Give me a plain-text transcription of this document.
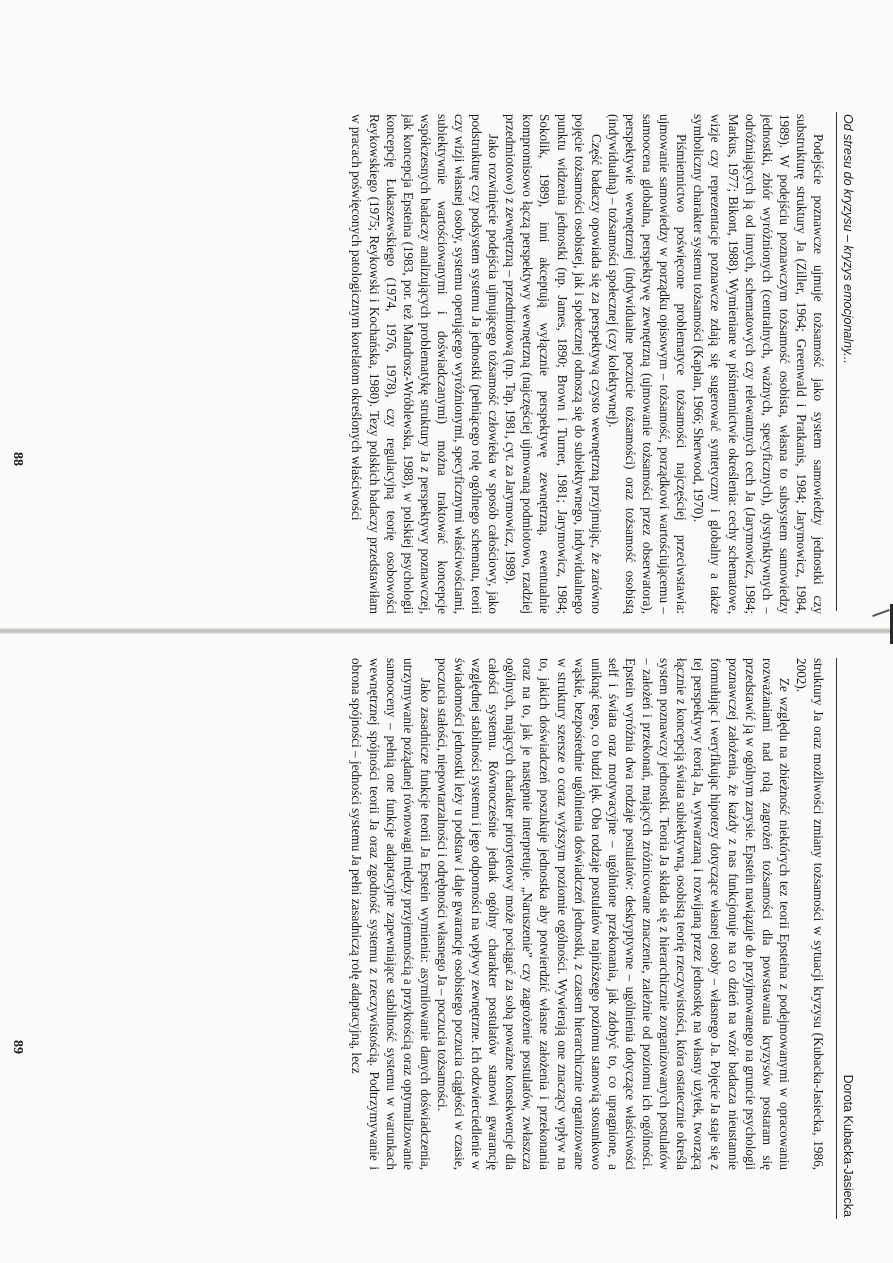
Od stresu do kryzysu – kryzys emocjonalny...

Podejście poznawcze ujmuje tożsamość jako system samowiedzy jednostki czy substrukturę struktury Ja (Ziller, 1964; Greenwald i Pratkanis, 1984; Jarymowicz, 1984, 1989). W podejściu poznawczym tożsamość osobista, własna to subsystem samowiedzy jednostki, zbiór wyróżnionych (centralnych, ważnych, specyficznych), dystynktywnych – odróżniających ją od innych, schematowych czy relewantnych cech Ja (Jarymowicz, 1984; Markus, 1977; Bikont, 1988). Wymieniane w piśmiennictwie określenia: cechy schematowe, wizje czy reprezentacje poznawcze zdają się sugerować syntetyczny i globalny a także symboliczny charakter systemu tożsamości (Kaplan, 1966; Sherwood, 1970).

Piśmiennictwo poświęcone problematyce tożsamości najczęściej przeciwstawia: ujmowanie samowiedzy w porządku opisowym – tożsamość, porządkowi wartościującemu – samoocena globalna, perspektywę zewnętrzną (ujmowanie tożsamości przez obserwatora), perspektywie wewnętrznej (indywidualne poczucie tożsamości) oraz tożsamość osobistą (indywidualną) – tożsamości społecznej (czy kolektywnej).

Część badaczy opowiada się za perspektywą czysto wewnętrzną przyjmując, że zarówno pojęcie tożsamości osobistej, jak i społecznej odnoszą się do subiektywnego, indywidualnego punktu widzenia jednostki (np. James, 1890; Brown i Turner, 1981; Jarymowicz, 1984; Sokolik, 1989), inni akceptują wyłącznie perspektywę zewnętrzną, ewentualnie kompromisowo łączą perspektywy wewnętrzną (najczęściej ujmowaną podmiotowo, rzadziej przedmiotowo) z zewnętrzną – przedmiotową (np. Tap, 1981, cyt. za Jarymowicz, 1989).

Jako rozwinięcie podejścia ujmującego tożsamość człowieka w sposób całościowy, jako podstrukturę czy podsystem systemu Ja jednostki (pełniącego rolę ogólnego schematu, teorii czy wizji własnej osoby, systemu operującego wyróżnionymi, specyficznymi właściwościami, subiektywnie wartościowanymi i doświadczanymi) można traktować koncepcje współczesnych badaczy analizujących problematykę struktury Ja z perspektywy poznawczej, jak koncepcja Epsteina (1983, por. też Mandrosz-Wróblewska, 1988), w polskiej psychologii koncepcję Łukaszewskiego (1974, 1976, 1978), czy regulacyjną teorię osobowości Reykowskiego (1975; Reykowski i Kochańska, 1980). Tezy polskich badaczy przedstawiłam w pracach poświęconych patologicznym korelatom określonych właściwości

88
Dorota Kubacka-Jasiecka

struktury Ja oraz możliwości zmiany tożsamości w sytuacji kryzysu (Kubacka-Jasiecka, 1986, 2002).

Ze względu na zbieżność niektórych tez teorii Epsteina z podejmowanymi w opracowaniu rozważaniami nad rolą zagrożeń tożsamości dla powstawania kryzysów postaram się przedstawić ją w ogólnym zarysie. Epstein nawiązuje do przyjmowanego na gruncie psychologii poznawczej założenia, że każdy z nas funkcjonuje na co dzień na wzór badacza nieustannie formułując i weryfikując hipotezy dotyczące własnej osoby – własnego Ja. Pojęcie Ja staje się z tej perspektywy teorią Ja, wytwarzaną i rozwijaną przez jednostkę na własny użytek, tworzącą łącznie z koncepcją świata subiektywną, osobistą teorię rzeczywistości, która ostatecznie określa system poznawczy jednostki. Teoria Ja składa się z hierarchicznie zorganizowanych postulatów – założeń i przekonań, mających zróżnicowane znaczenie, zależnie od poziomu ich ogólności. Epstein wyróżnia dwa rodzaje postulatów: deskryptywne – ugólnienia dotyczące właściwości self i świata oraz motywacyjne – ugólnione przekonania, jak zdobyć to, co upragnione, a uniknąć tego, co budzi lęk. Oba rodzaje postulatów najniższego poziomu stanowią stosunkowo wąskie, bezpośrednie ugólnienia doświadczeń jednostki, z czasem hierarchicznie organizowane w struktury szersze o coraz wyższym poziomie ogólności. Wywierają one znaczący wpływ na to, jakich doświadczeń poszukuje jednostka aby potwierdzić własne założenia i przekonania oraz na to, jak je następnie interpretuje. „Naruszenie” czy zagrożenie postulatów, zwłaszcza ogólnych, mających charakter priorytetowy może pociągać za sobą poważne konsekwencje dla całości systemu. Równocześnie jednak ogólny charakter postulatów stanowi gwarancję względnej stabilności systemu i jego odporności na wpływy zewnętrzne. Ich odzwierciedlenie w świadomości jednostki leży u podstaw i daje gwarancję osobistego poczucia ciągłości w czasie, poczucia stałości, niepowtarzalności i odrębności własnego Ja – poczucia tożsamości.

Jako zasadnicze funkcje teorii Ja Epstein wymienia: asymilowanie danych doświadczenia, utrzymywanie pożądanej równowagi między przyjemnością a przykrością oraz optymalizowanie samooceny – pełnią one funkcje adaptacyjne zapewniające stabilność systemu w warunkach wewnętrznej spójności teorii Ja oraz zgodność systemu z rzeczywistością. Podtrzymywanie i obrona spójności – jedności systemu Ja pełni zasadniczą rolę adaptacyjną, lecz

89
